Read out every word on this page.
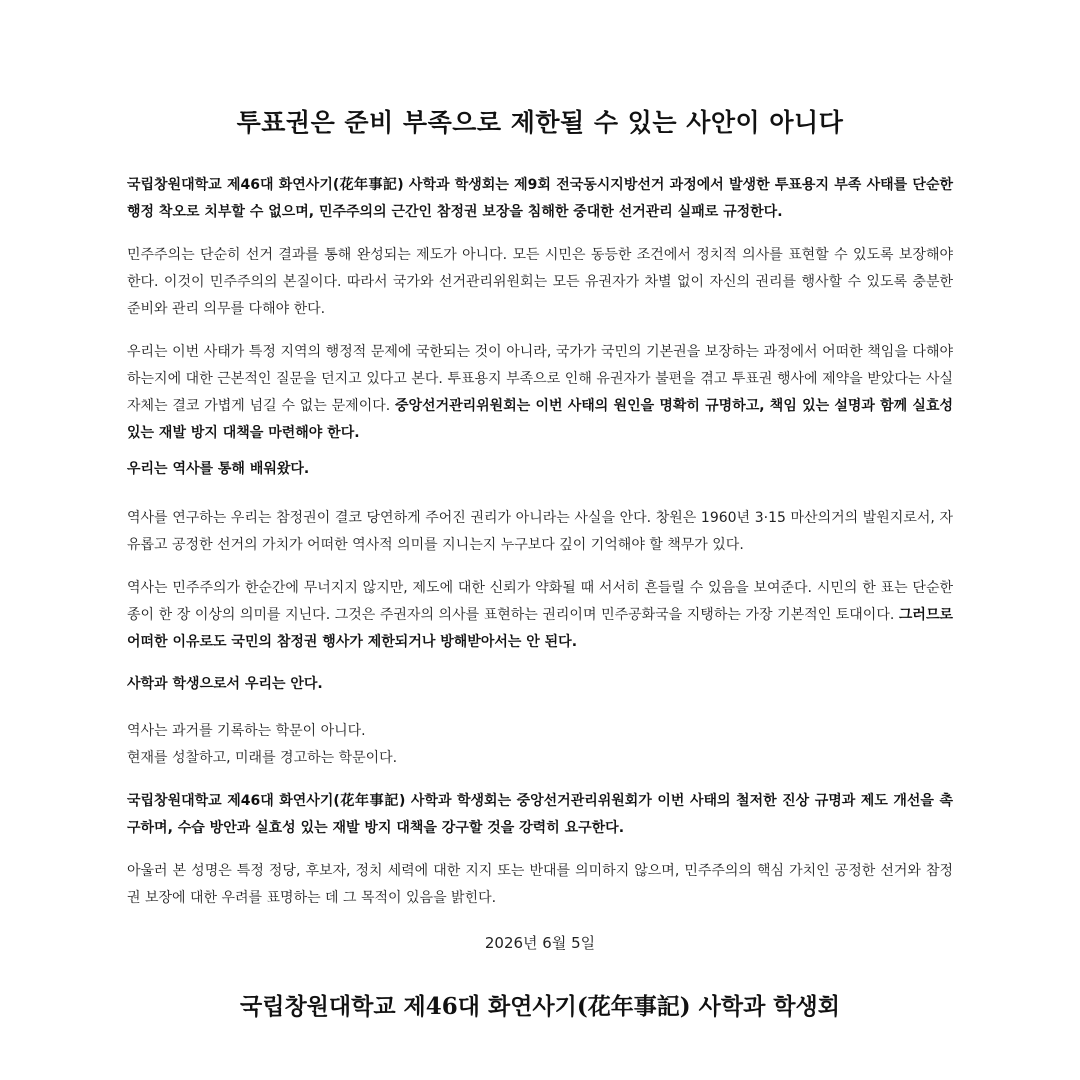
투표권은 준비 부족으로 제한될 수 있는 사안이 아니다

국립창원대학교 제46대 화연사기(花年事記) 사학과 학생회는 제9회 전국동시지방선거 과정에서 발생한 투표용지 부족 사태를 단순한 행정 착오로 치부할 수 없으며, 민주주의의 근간인 참정권 보장을 침해한 중대한 선거관리 실패로 규정한다.

민주주의는 단순히 선거 결과를 통해 완성되는 제도가 아니다. 모든 시민은 동등한 조건에서 정치적 의사를 표현할 수 있도록 보장해야 한다. 이것이 민주주의의 본질이다. 따라서 국가와 선거관리위원회는 모든 유권자가 차별 없이 자신의 권리를 행사할 수 있도록 충분한 준비와 관리 의무를 다해야 한다.

우리는 이번 사태가 특정 지역의 행정적 문제에 국한되는 것이 아니라, 국가가 국민의 기본권을 보장하는 과정에서 어떠한 책임을 다해야 하는지에 대한 근본적인 질문을 던지고 있다고 본다. 투표용지 부족으로 인해 유권자가 불편을 겪고 투표권 행사에 제약을 받았다는 사실 자체는 결코 가볍게 넘길 수 없는 문제이다. 중앙선거관리위원회는 이번 사태의 원인을 명확히 규명하고, 책임 있는 설명과 함께 실효성 있는 재발 방지 대책을 마련해야 한다.

우리는 역사를 통해 배워왔다.

역사를 연구하는 우리는 참정권이 결코 당연하게 주어진 권리가 아니라는 사실을 안다. 창원은 1960년 3·15 마산의거의 발원지로서, 자유롭고 공정한 선거의 가치가 어떠한 역사적 의미를 지니는지 누구보다 깊이 기억해야 할 책무가 있다.

역사는 민주주의가 한순간에 무너지지 않지만, 제도에 대한 신뢰가 약화될 때 서서히 흔들릴 수 있음을 보여준다. 시민의 한 표는 단순한 종이 한 장 이상의 의미를 지닌다. 그것은 주권자의 의사를 표현하는 권리이며 민주공화국을 지탱하는 가장 기본적인 토대이다. 그러므로 어떠한 이유로도 국민의 참정권 행사가 제한되거나 방해받아서는 안 된다.

사학과 학생으로서 우리는 안다.

역사는 과거를 기록하는 학문이 아니다.
현재를 성찰하고, 미래를 경고하는 학문이다.

국립창원대학교 제46대 화연사기(花年事記) 사학과 학생회는 중앙선거관리위원회가 이번 사태의 철저한 진상 규명과 제도 개선을 촉구하며, 수습 방안과 실효성 있는 재발 방지 대책을 강구할 것을 강력히 요구한다.

아울러 본 성명은 특정 정당, 후보자, 정치 세력에 대한 지지 또는 반대를 의미하지 않으며, 민주주의의 핵심 가치인 공정한 선거와 참정권 보장에 대한 우려를 표명하는 데 그 목적이 있음을 밝힌다.

2026년 6월 5일
국립창원대학교 제46대 화연사기(花年事記) 사학과 학생회
